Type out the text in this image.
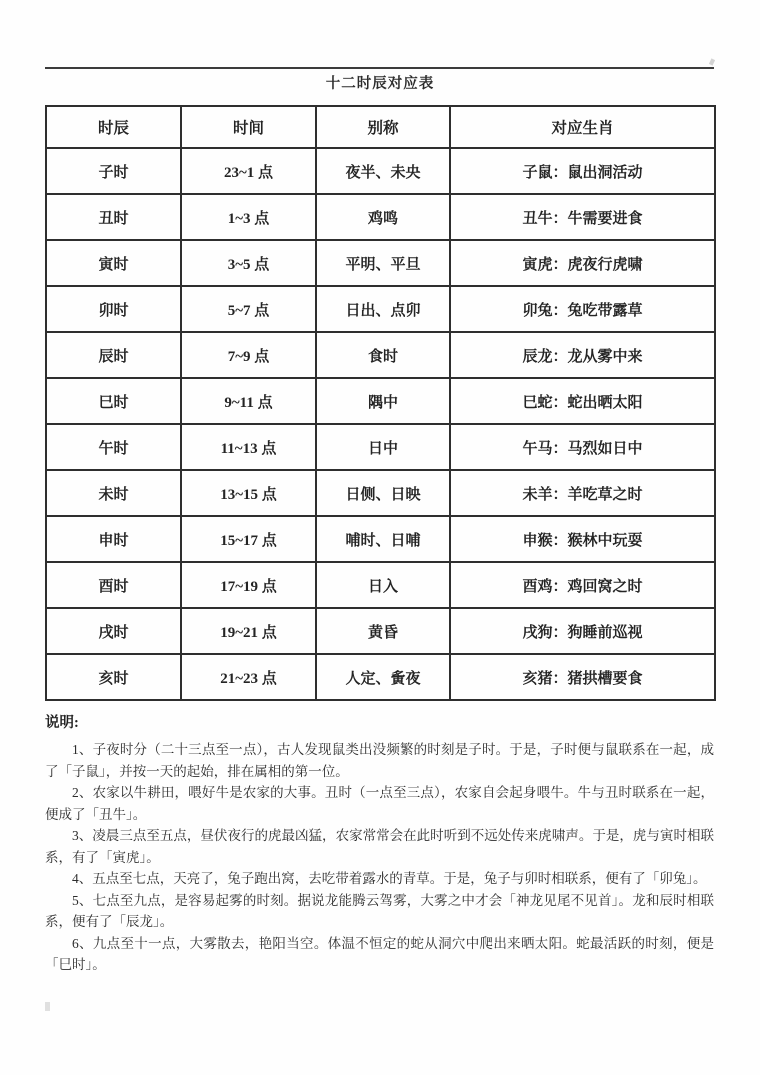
十二时辰对应表
时辰	时间	别称	对应生肖
子时	23~1 点	夜半、未央	子鼠：鼠出洞活动
丑时	1~3 点	鸡鸣	丑牛：牛需要进食
寅时	3~5 点	平明、平旦	寅虎：虎夜行虎啸
卯时	5~7 点	日出、点卯	卯兔：兔吃带露草
辰时	7~9 点	食时	辰龙：龙从雾中来
巳时	9~11 点	隅中	巳蛇：蛇出晒太阳
午时	11~13 点	日中	午马：马烈如日中
未时	13~15 点	日侧、日映	未羊：羊吃草之时
申时	15~17 点	哺时、日哺	申猴：猴林中玩耍
酉时	17~19 点	日入	酉鸡：鸡回窝之时
戌时	19~21 点	黄昏	戌狗：狗睡前巡视
亥时	21~23 点	人定、夤夜	亥猪：猪拱槽要食
说明:

1、子夜时分（二十三点至一点），古人发现鼠类出没频繁的时刻是子时。于是，子时便与鼠联系在一起，成了「子鼠」，并按一天的起始，排在属相的第一位。

2、农家以牛耕田，喂好牛是农家的大事。丑时（一点至三点），农家自会起身喂牛。牛与丑时联系在一起，便成了「丑牛」。

3、凌晨三点至五点，昼伏夜行的虎最凶猛，农家常常会在此时听到不远处传来虎啸声。于是，虎与寅时相联系，有了「寅虎」。

4、五点至七点，天亮了，兔子跑出窝，去吃带着露水的青草。于是，兔子与卯时相联系，便有了「卯兔」。

5、七点至九点，是容易起雾的时刻。据说龙能腾云驾雾，大雾之中才会「神龙见尾不见首」。龙和辰时相联系，便有了「辰龙」。

6、九点至十一点，大雾散去，艳阳当空。体温不恒定的蛇从洞穴中爬出来晒太阳。蛇最活跃的时刻，便是「巳时」。
